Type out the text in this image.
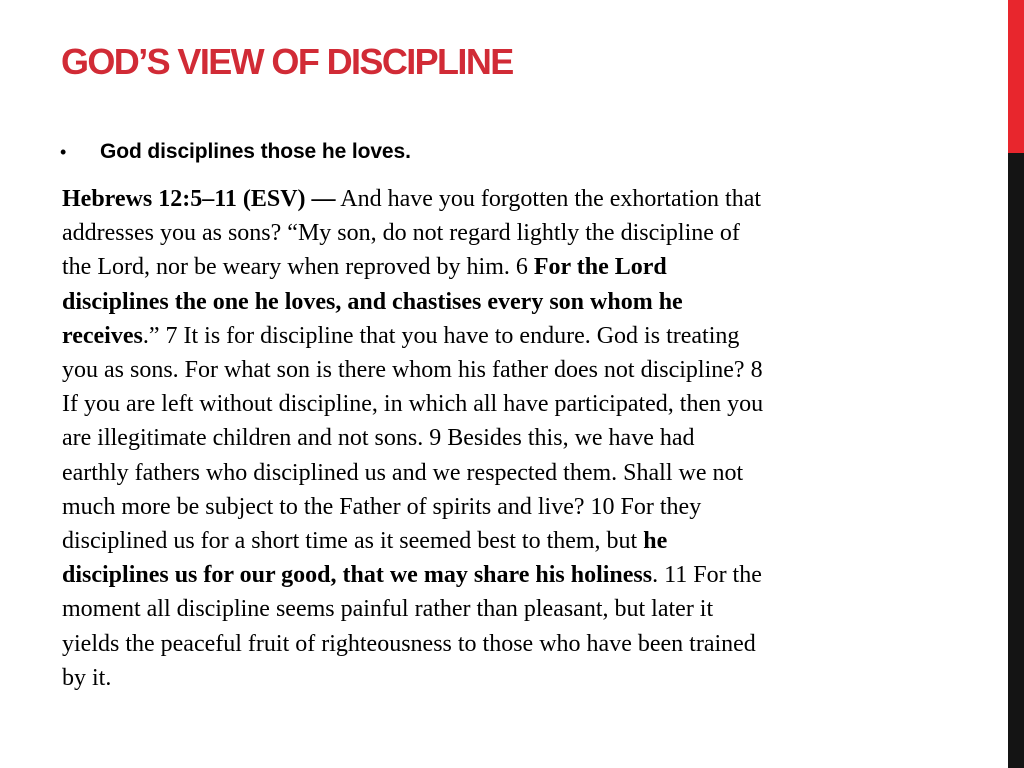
GOD’S VIEW OF DISCIPLINE
•	God disciplines those he loves.
Hebrews 12:5–11 (ESV) — And have you forgotten the exhortation that
addresses you as sons? “My son, do not regard lightly the discipline of
the Lord, nor be weary when reproved by him. 6 For the Lord
disciplines the one he loves, and chastises every son whom he
receives.” 7 It is for discipline that you have to endure. God is treating
you as sons. For what son is there whom his father does not discipline? 8
If you are left without discipline, in which all have participated, then you
are illegitimate children and not sons. 9 Besides this, we have had
earthly fathers who disciplined us and we respected them. Shall we not
much more be subject to the Father of spirits and live? 10 For they
disciplined us for a short time as it seemed best to them, but he
disciplines us for our good, that we may share his holiness. 11 For the
moment all discipline seems painful rather than pleasant, but later it
yields the peaceful fruit of righteousness to those who have been trained
by it.
